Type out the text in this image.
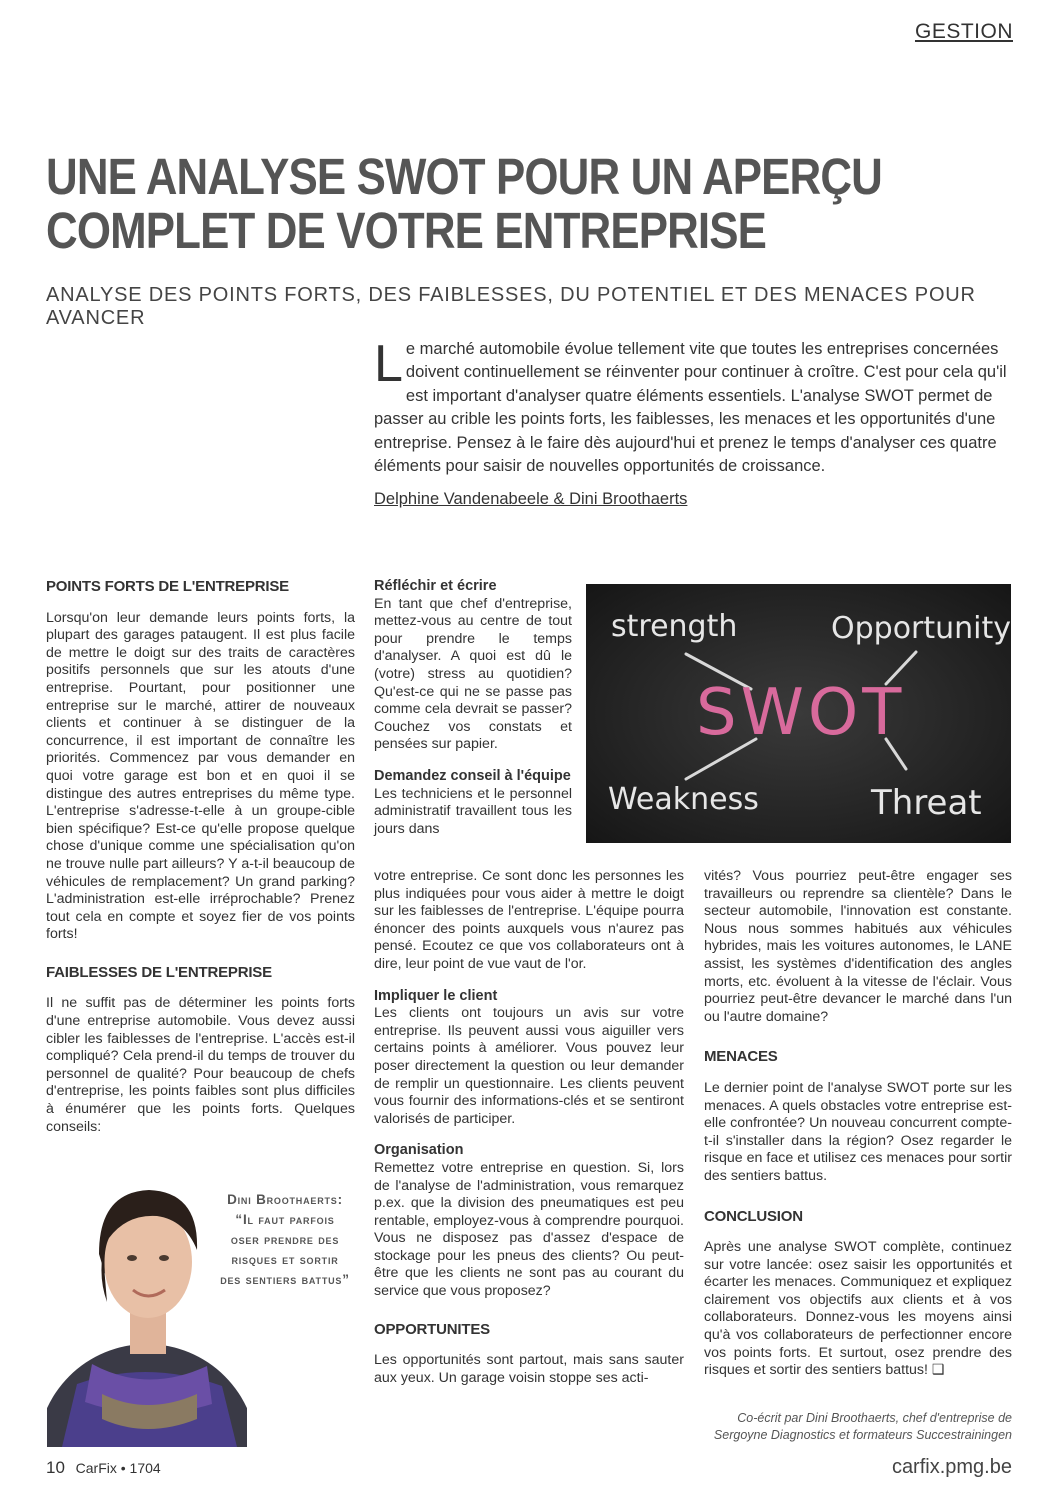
GESTION
UNE ANALYSE SWOT POUR UN APERÇU
COMPLET DE VOTRE ENTREPRISE

ANALYSE DES POINTS FORTS, DES FAIBLESSES, DU POTENTIEL ET DES MENACES POUR AVANCER

Le marché automobile évolue tellement vite que toutes les entreprises concernées doivent continuellement se réinventer pour continuer à croître. C'est pour cela qu'il est important d'analyser quatre éléments essentiels. L'analyse SWOT permet de passer au crible les points forts, les faiblesses, les menaces et les opportunités d'une entreprise. Pensez à le faire dès aujourd'hui et prenez le temps d'analyser ces quatre éléments pour saisir de nouvelles opportunités de croissance.

Delphine Vandenabeele & Dini Broothaerts
POINTS FORTS DE L'ENTREPRISE

Lorsqu'on leur demande leurs points forts, la plupart des garages pataugent. Il est plus facile de mettre le doigt sur des traits de caractères positifs personnels que sur les atouts d'une entreprise. Pourtant, pour positionner une entreprise sur le marché, attirer de nouveaux clients et continuer à se distinguer de la concurrence, il est important de connaître les priorités. Commencez par vous demander en quoi votre garage est bon et en quoi il se distingue des autres entreprises du même type. L'entreprise s'adresse-t-elle à un groupe-cible bien spécifique? Est-ce qu'elle propose quelque chose d'unique comme une spécialisation qu'on ne trouve nulle part ailleurs? Y a-t-il beaucoup de véhicules de remplacement? Un grand parking? L'administration est-elle irréprochable? Prenez tout cela en compte et soyez fier de vos points forts!

FAIBLESSES DE L'ENTREPRISE

Il ne suffit pas de déterminer les points forts d'une entreprise automobile. Vous devez aussi cibler les faiblesses de l'entreprise. L'accès est-il compliqué? Cela prend-il du temps de trouver du personnel de qualité? Pour beaucoup de chefs d'entreprise, les points faibles sont plus difficiles à énumérer que les points forts. Quelques conseils:

Dini Broothaerts: “Il faut parfois oser prendre des risques et sortir des sentiers battus”

Réfléchir et écrire

En tant que chef d'entreprise, mettez-vous au centre de tout pour prendre le temps d'analyser. A quoi est dû le (votre) stress au quotidien? Qu'est-ce qui ne se passe pas comme cela devrait se passer? Couchez vos constats et pensées sur papier.

Demandez conseil à l'équipe

Les techniciens et le personnel administratif travaillent tous les jours dans

votre entreprise. Ce sont donc les personnes les plus indiquées pour vous aider à mettre le doigt sur les faiblesses de l'entreprise. L'équipe pourra énoncer des points auxquels vous n'aurez pas pensé. Ecoutez ce que vos collaborateurs ont à dire, leur point de vue vaut de l'or.

Impliquer le client

Les clients ont toujours un avis sur votre entreprise. Ils peuvent aussi vous aiguiller vers certains points à améliorer. Vous pouvez leur poser directement la question ou leur demander de remplir un questionnaire. Les clients peuvent vous fournir des informations-clés et se sentiront valorisés de participer.

Organisation

Remettez votre entreprise en question. Si, lors de l'analyse de l'administration, vous remarquez p.ex. que la division des pneumatiques est peu rentable, employez-vous à comprendre pourquoi. Vous ne disposez pas d'assez d'espace de stockage pour les pneus des clients? Ou peut-être que les clients ne sont pas au courant du service que vous proposez?

OPPORTUNITES

Les opportunités sont partout, mais sans sauter aux yeux. Un garage voisin stoppe ses acti-

strength	Opportunity
SWOT
Weakness	Threat

vités? Vous pourriez peut-être engager ses travailleurs ou reprendre sa clientèle? Dans le secteur automobile, l'innovation est constante. Nous nous sommes habitués aux véhicules hybrides, mais les voitures autonomes, le LANE assist, les systèmes d'identification des angles morts, etc. évoluent à la vitesse de l'éclair. Vous pourriez peut-être devancer le marché dans l'un ou l'autre domaine?

MENACES

Le dernier point de l'analyse SWOT porte sur les menaces. A quels obstacles votre entreprise est-elle confrontée? Un nouveau concurrent compte-t-il s'installer dans la région? Osez regarder le risque en face et utilisez ces menaces pour sortir des sentiers battus.

CONCLUSION

Après une analyse SWOT complète, continuez sur votre lancée: osez saisir les opportunités et écarter les menaces. Communiquez et expliquez clairement vos objectifs aux clients et à vos collaborateurs. Donnez-vous les moyens ainsi qu'à vos collaborateurs de perfectionner encore vos points forts. Et surtout, osez prendre des risques et sortir des sentiers battus! ❑

Co-écrit par Dini Broothaerts, chef d'entreprise de Sergoyne Diagnostics et formateurs Succestrainingen

10 CarFix • 1704	carfix.pmg.be
